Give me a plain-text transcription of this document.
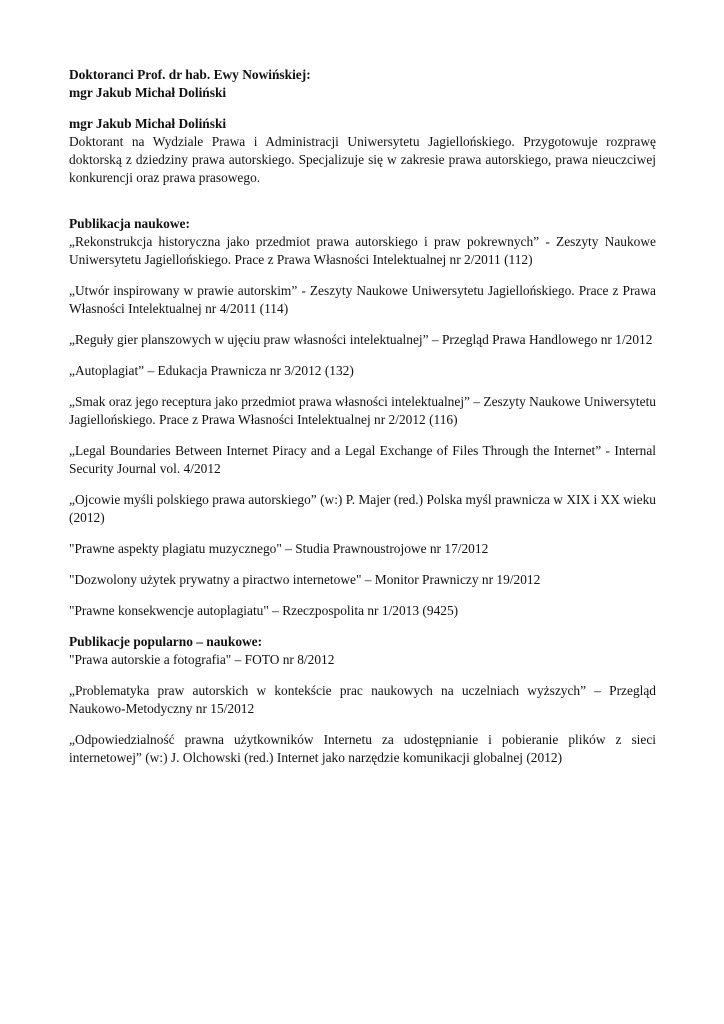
Doktoranci Prof. dr hab. Ewy Nowińskiej:
mgr Jakub Michał Doliński
mgr Jakub Michał Doliński
Doktorant na Wydziale Prawa i Administracji Uniwersytetu Jagiellońskiego. Przygotowuje rozprawę doktorską z dziedziny prawa autorskiego. Specjalizuje się w zakresie prawa autorskiego, prawa nieuczciwej konkurencji oraz prawa prasowego.
Publikacja naukowe:
„Rekonstrukcja historyczna jako przedmiot prawa autorskiego i praw pokrewnych” - Zeszyty Naukowe Uniwersytetu Jagiellońskiego. Prace z Prawa Własności Intelektualnej nr 2/2011 (112)
„Utwór inspirowany w prawie autorskim” - Zeszyty Naukowe Uniwersytetu Jagiellońskiego. Prace z Prawa Własności Intelektualnej nr 4/2011 (114)
„Reguły gier planszowych w ujęciu praw własności intelektualnej” – Przegląd Prawa Handlowego nr 1/2012
„Autoplagiat” – Edukacja Prawnicza nr 3/2012 (132)
„Smak oraz jego receptura jako przedmiot prawa własności intelektualnej” – Zeszyty Naukowe Uniwersytetu Jagiellońskiego. Prace z Prawa Własności Intelektualnej nr 2/2012 (116)
„Legal Boundaries Between Internet Piracy and a Legal Exchange of Files Through the Internet” - Internal Security Journal vol. 4/2012
„Ojcowie myśli polskiego prawa autorskiego” (w:) P. Majer (red.) Polska myśl prawnicza w XIX i XX wieku (2012)
"Prawne aspekty plagiatu muzycznego" – Studia Prawnoustrojowe nr 17/2012
"Dozwolony użytek prywatny a piractwo internetowe" – Monitor Prawniczy nr 19/2012
"Prawne konsekwencje autoplagiatu" – Rzeczpospolita nr 1/2013 (9425)
Publikacje popularno – naukowe:
"Prawa autorskie a fotografia" – FOTO nr 8/2012
„Problematyka praw autorskich w kontekście prac naukowych na uczelniach wyższych” – Przegląd Naukowo-Metodyczny nr 15/2012
„Odpowiedzialność prawna użytkowników Internetu za udostępnianie i pobieranie plików z sieci internetowej” (w:) J. Olchowski (red.) Internet jako narzędzie komunikacji globalnej (2012)
